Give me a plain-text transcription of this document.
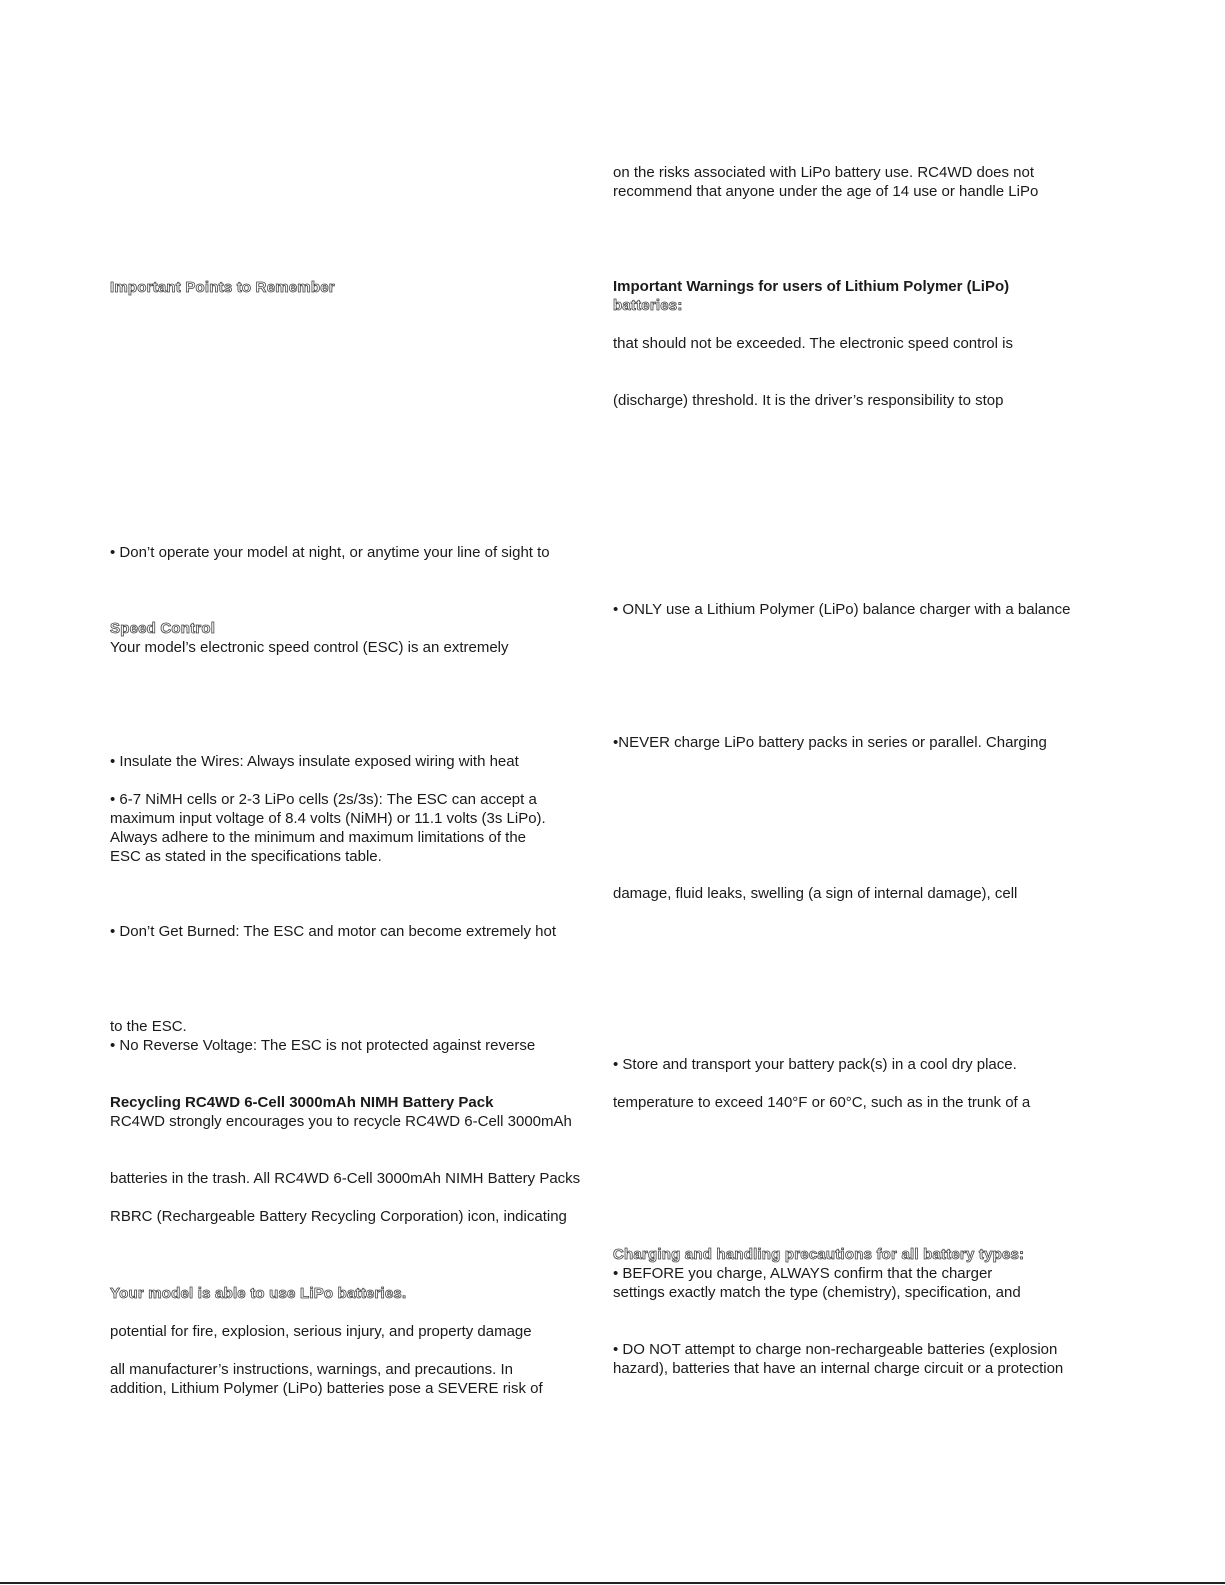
Important Points to Remember
• Don’t operate your model at night, or anytime your line of sight to
Speed Control
Your model’s electronic speed control (ESC) is an extremely
• Insulate the Wires: Always insulate exposed wiring with heat
• 6-7 NiMH cells or 2-3 LiPo cells (2s/3s): The ESC can accept a
maximum input voltage of 8.4 volts (NiMH) or 11.1 volts (3s LiPo).
Always adhere to the minimum and maximum limitations of the
ESC as stated in the specifications table.
• Don’t Get Burned: The ESC and motor can become extremely hot
to the ESC.
• No Reverse Voltage: The ESC is not protected against reverse
Recycling RC4WD 6-Cell 3000mAh NIMH Battery Pack
RC4WD strongly encourages you to recycle RC4WD 6-Cell 3000mAh
batteries in the trash. All RC4WD 6-Cell 3000mAh NIMH Battery Packs
RBRC (Rechargeable Battery Recycling Corporation) icon, indicating
Your model is able to use LiPo batteries.
potential for fire, explosion, serious injury, and property damage
all manufacturer’s instructions, warnings, and precautions. In
addition, Lithium Polymer (LiPo) batteries pose a SEVERE risk of
on the risks associated with LiPo battery use. RC4WD does not
recommend that anyone under the age of 14 use or handle LiPo
Important Warnings for users of Lithium Polymer (LiPo)
batteries:
that should not be exceeded. The electronic speed control is
(discharge) threshold. It is the driver’s responsibility to stop
• ONLY use a Lithium Polymer (LiPo) balance charger with a balance
•NEVER charge LiPo battery packs in series or parallel. Charging
damage, fluid leaks, swelling (a sign of internal damage), cell
• Store and transport your battery pack(s) in a cool dry place.
temperature to exceed 140°F or 60°C, such as in the trunk of a
Charging and handling precautions for all battery types:
• BEFORE you charge, ALWAYS confirm that the charger
settings exactly match the type (chemistry), specification, and
• DO NOT attempt to charge non-rechargeable batteries (explosion
hazard), batteries that have an internal charge circuit or a protection
